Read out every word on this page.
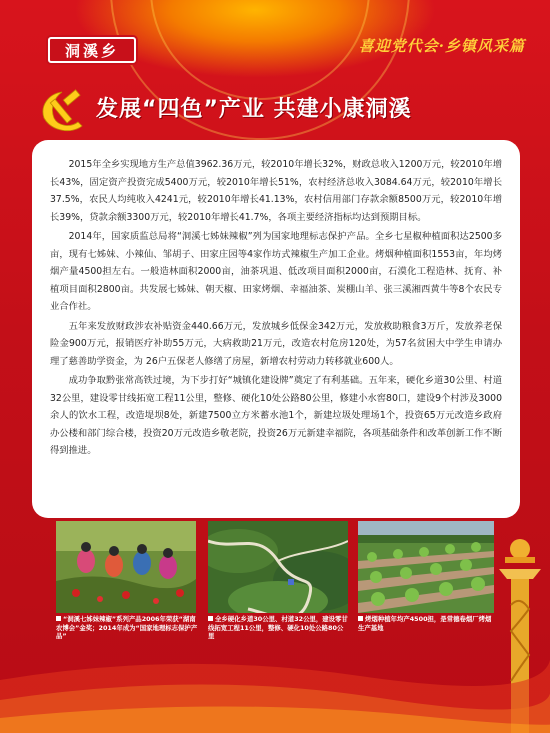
洞溪乡	喜迎党代会·乡镇风采篇
发展“四色”产业 共建小康洞溪

2015年全乡实现地方生产总值3962.36万元，较2010年增长32%，财政总收入1200万元，较2010年增长43%，固定资产投资完成5400万元，较2010年增长51%，农村经济总收入3084.64万元，较2010年增长37.5%，农民人均纯收入4241元，较2010年增长41.13%，农村信用部门存款余额8500万元，较2010年增长39%，贷款余额3300万元，较2010年增长41.7%，各项主要经济指标均达到预期目标。

2014年，国家质监总局将“洞溪七姊妹辣椒”列为国家地理标志保护产品。全乡七星椒种植面积达2500多亩，现有七姊妹、小辣仙、邹胡子、田家庄园等4家作坊式辣椒生产加工企业。烤烟种植面积1553亩，年均烤烟产量4500担左右。一般造林面积2000亩，油茶巩退、低改项目面积2000亩，石漠化工程造林、抚育、补植项目面积2800亩。共发展七姊妹、朝天椒、田家烤烟、幸福油茶、炭棚山羊、张三溪湘西黄牛等8个农民专业合作社。

五年来发放财政涉农补贴资金440.66万元，发放城乡低保金342万元，发放救助粮食3万斤，发放养老保险金900万元，报销医疗补助55万元，大病救助21万元，改造农村危房120处，为57名贫困大中学生申请办理了慈善助学资金，为 26户五保老人修缮了房屋，新增农村劳动力转移就业600人。

成功争取黔张常高铁过境，为下步打好“城镇化建设牌”奠定了有利基础。五年来，硬化乡道30公里、村道32公里，建设零甘线拓宽工程11公里，整修、硬化10处公路80公里，修建小水窖80口，建设9个村涉及3000余人的饮水工程，改造堤坝8处，新建7500立方米蓄水池1个，新建垃圾处理场1个，投资65万元改造乡政府办公楼和部门综合楼，投资20万元改造乡敬老院，投资26万元新建幸福院，各项基础条件和改革创新工作不断得到推进。

“洞溪七姊妹辣椒”系列产品2006年荣获“湖南农博会”金奖；2014年成为“国家地理标志保护产品”
全乡硬化乡道30公里、村道32公里，建设零甘线拓宽工程11公里，整修、硬化10处公路80公里
烤烟种植年均产4500担，是常德卷烟厂烤烟生产基地
